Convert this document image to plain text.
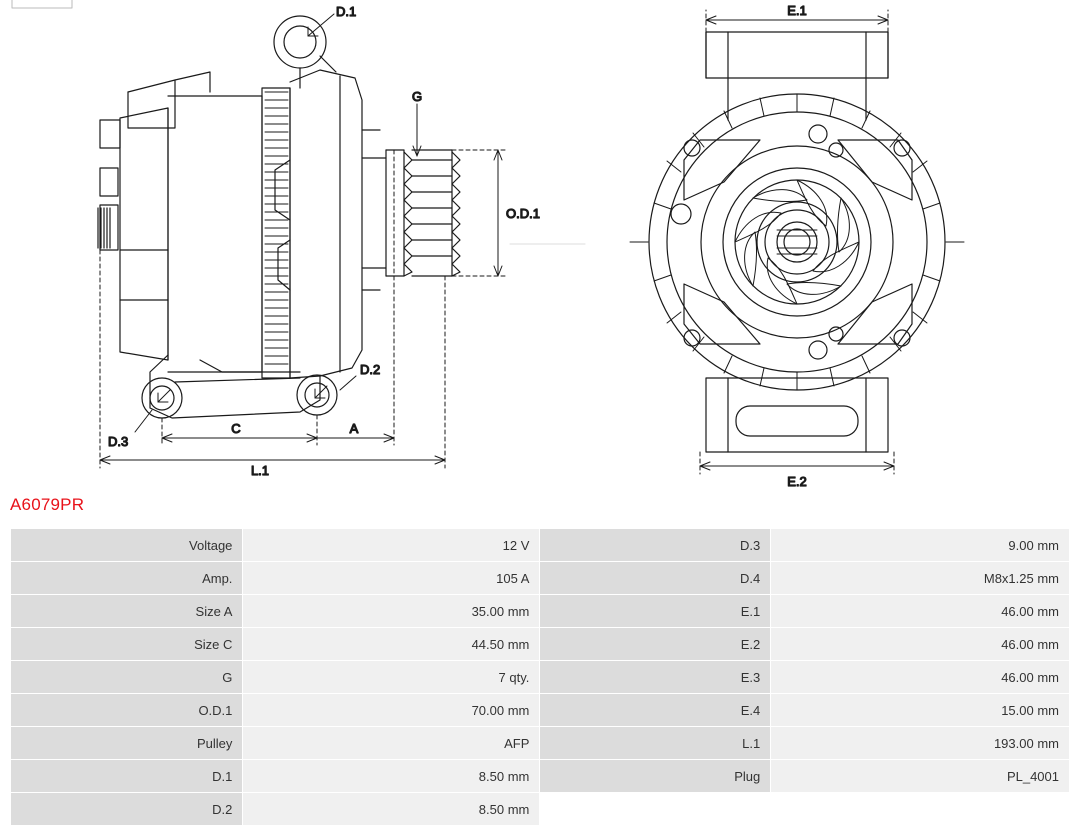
D.1
G
O.D.1
D.2
D.3
C	A
L.1
E.1
E.2
A6079PR
Voltage	12 V	D.3	9.00 mm
Amp.	105 A	D.4	M8x1.25 mm
Size A	35.00 mm	E.1	46.00 mm
Size C	44.50 mm	E.2	46.00 mm
G	7 qty.	E.3	46.00 mm
O.D.1	70.00 mm	E.4	15.00 mm
Pulley	AFP	L.1	193.00 mm
D.1	8.50 mm	Plug	PL_4001
D.2	8.50 mm		
